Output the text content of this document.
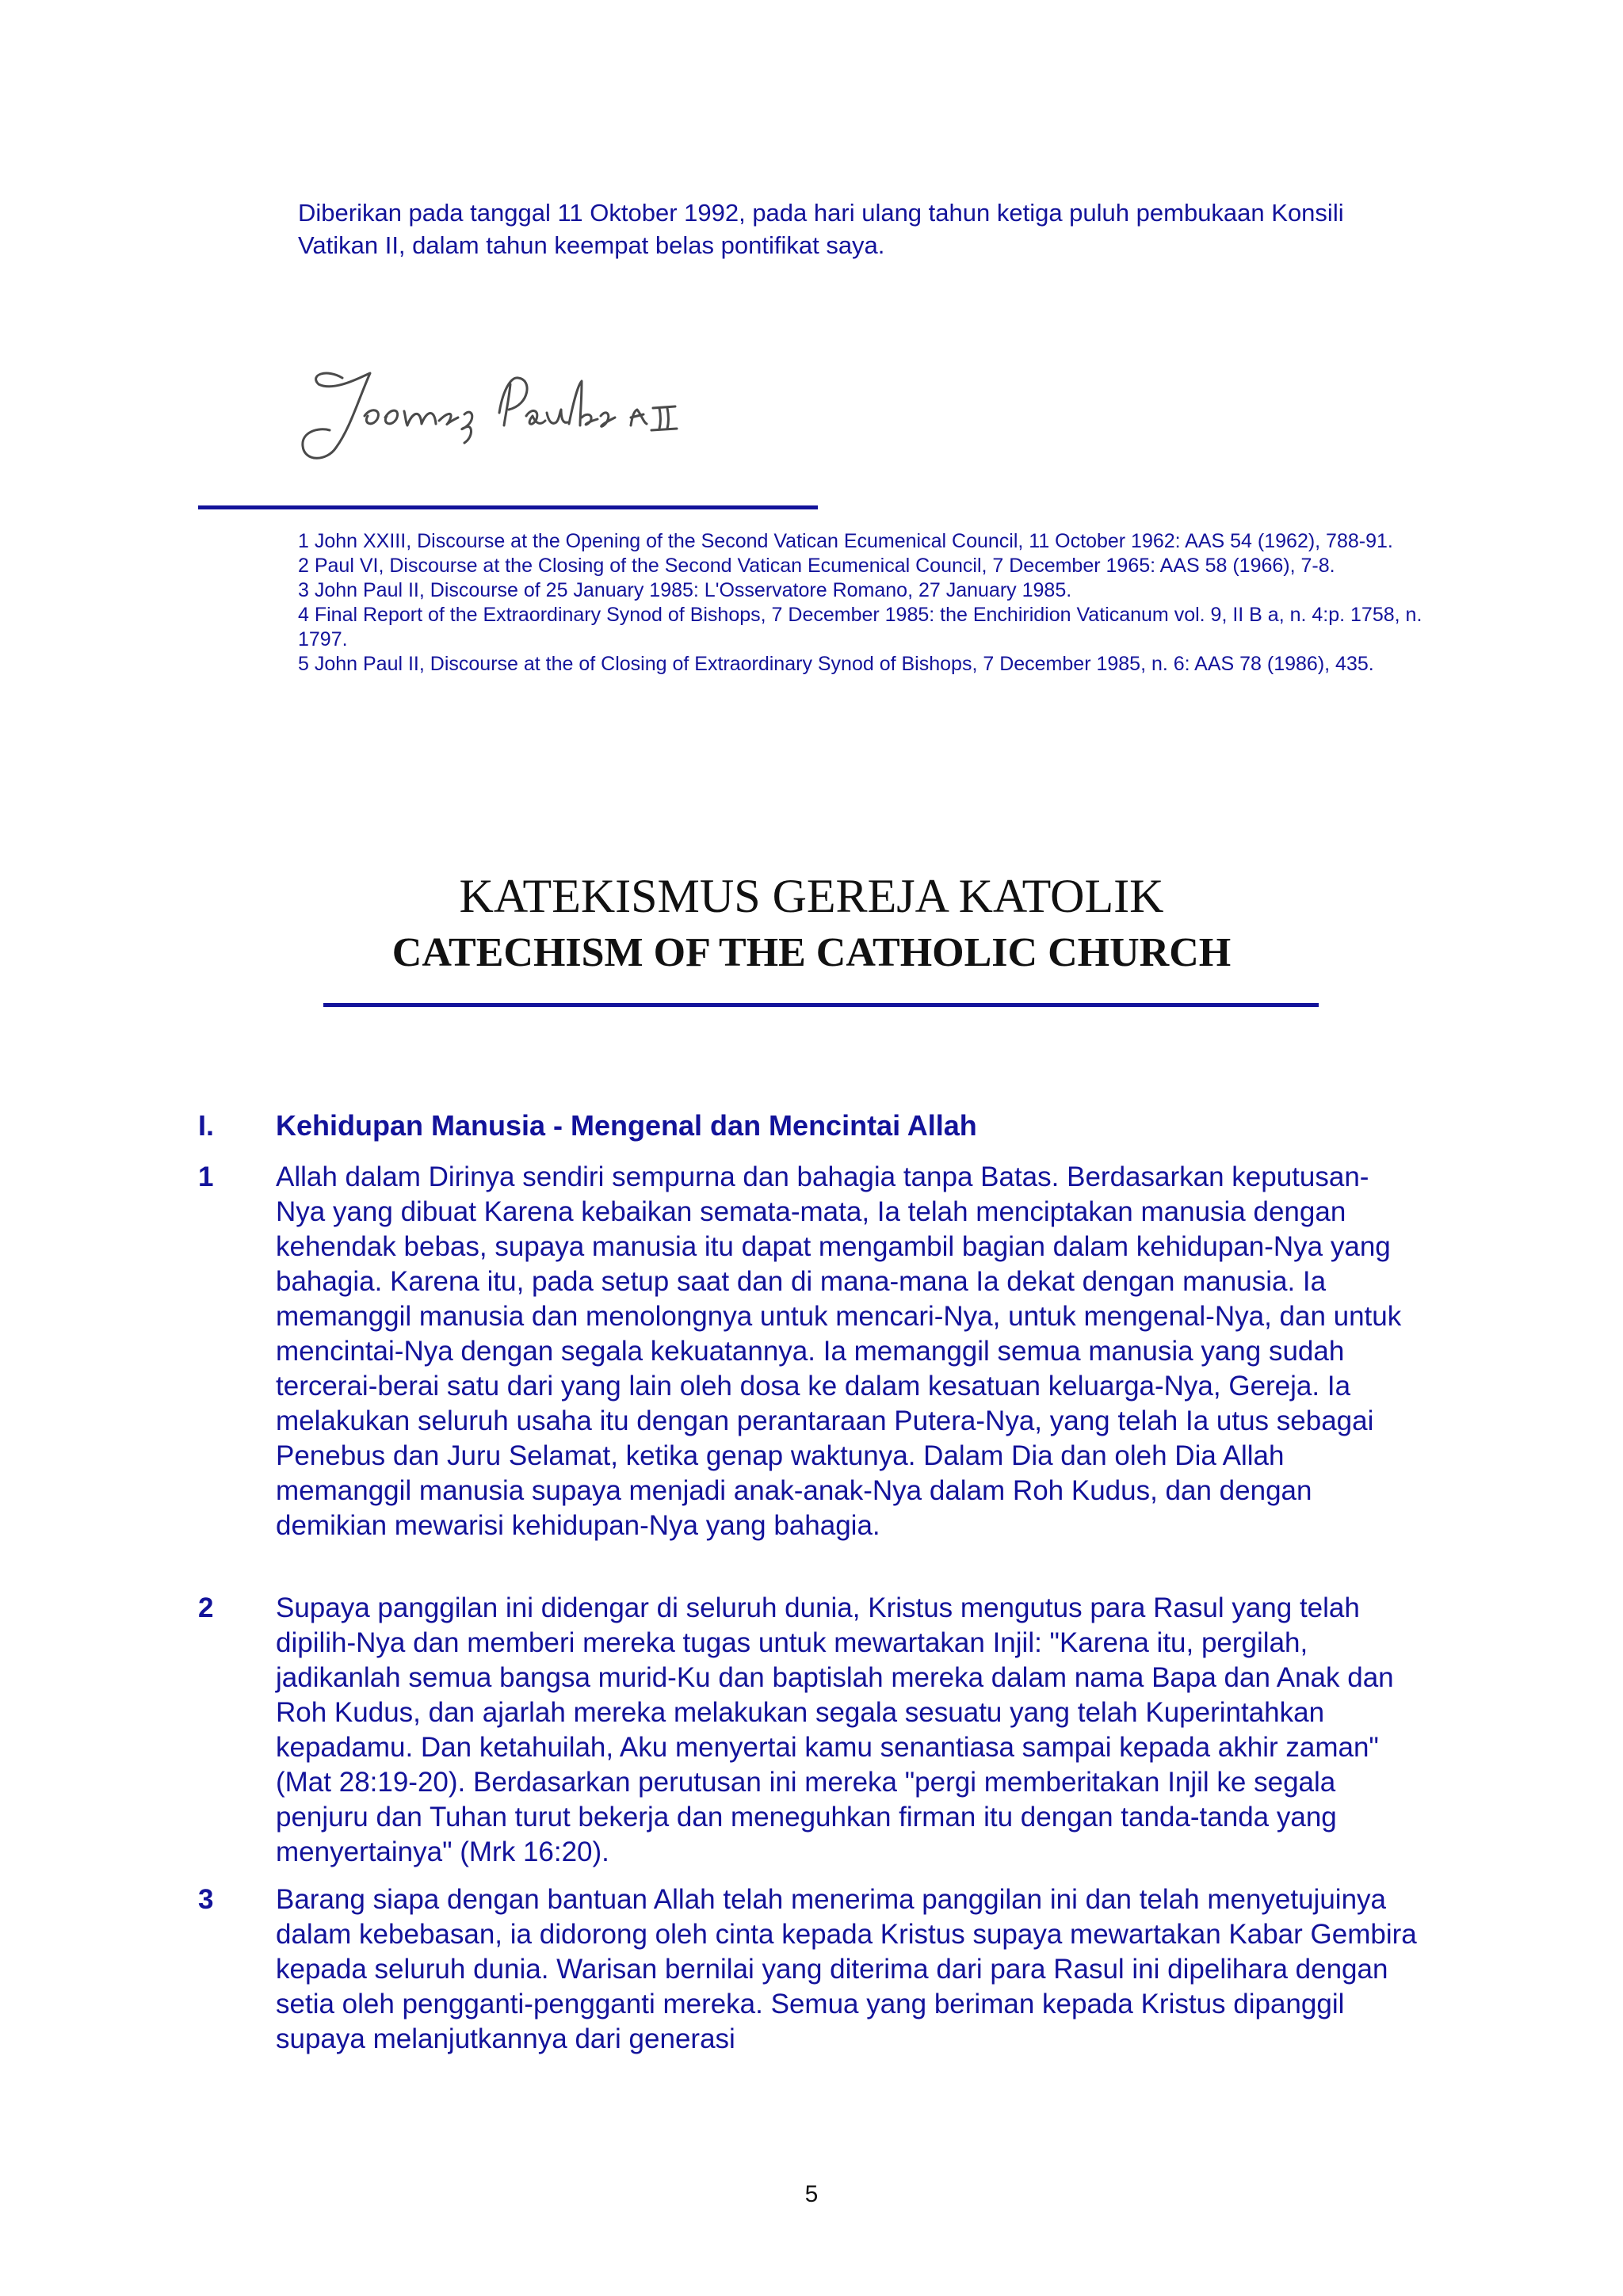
Diberikan pada tanggal 11 Oktober 1992, pada hari ulang tahun ketiga puluh pembukaan Konsili Vatikan II, dalam tahun keempat belas pontifikat saya.

1 John XXIII, Discourse at the Opening of the Second Vatican Ecumenical Council, 11 October 1962: AAS 54 (1962), 788-91.
2 Paul VI, Discourse at the Closing of the Second Vatican Ecumenical Council, 7 December 1965: AAS 58 (1966), 7-8.
3 John Paul II, Discourse of 25 January 1985: L'Osservatore Romano, 27 January 1985.
4 Final Report of the Extraordinary Synod of Bishops, 7 December 1985: the Enchiridion Vaticanum vol. 9, II B a, n. 4:p. 1758, n. 1797.
5 John Paul II, Discourse at the of Closing of Extraordinary Synod of Bishops, 7 December 1985, n. 6: AAS 78 (1986), 435.
KATEKISMUS GEREJA KATOLIK
CATECHISM OF THE CATHOLIC CHURCH
I. Kehidupan Manusia - Mengenal dan Mencintai Allah
1 Allah dalam Dirinya sendiri sempurna dan bahagia tanpa Batas. Berdasarkan keputusan-Nya yang dibuat Karena kebaikan semata-mata, Ia telah menciptakan manusia dengan kehendak bebas, supaya manusia itu dapat mengambil bagian dalam kehidupan-Nya yang bahagia. Karena itu, pada setup saat dan di mana-mana Ia dekat dengan manusia. Ia memanggil manusia dan menolongnya untuk mencari-Nya, untuk mengenal-Nya, dan untuk mencintai-Nya dengan segala kekuatannya. Ia memanggil semua manusia yang sudah tercerai-berai satu dari yang lain oleh dosa ke dalam kesatuan keluarga-Nya, Gereja. Ia melakukan seluruh usaha itu dengan perantaraan Putera-Nya, yang telah Ia utus sebagai Penebus dan Juru Selamat, ketika genap waktunya. Dalam Dia dan oleh Dia Allah memanggil manusia supaya menjadi anak-anak-Nya dalam Roh Kudus, dan dengan demikian mewarisi kehidupan-Nya yang bahagia.

2 Supaya panggilan ini didengar di seluruh dunia, Kristus mengutus para Rasul yang telah dipilih-Nya dan memberi mereka tugas untuk mewartakan Injil: "Karena itu, pergilah, jadikanlah semua bangsa murid-Ku dan baptislah mereka dalam nama Bapa dan Anak dan Roh Kudus, dan ajarlah mereka melakukan segala sesuatu yang telah Kuperintahkan kepadamu. Dan ketahuilah, Aku menyertai kamu senantiasa sampai kepada akhir zaman" (Mat 28:19-20). Berdasarkan perutusan ini mereka "pergi memberitakan Injil ke segala penjuru dan Tuhan turut bekerja dan meneguhkan firman itu dengan tanda-tanda yang menyertainya" (Mrk 16:20).

3 Barang siapa dengan bantuan Allah telah menerima panggilan ini dan telah menyetujuinya dalam kebebasan, ia didorong oleh cinta kepada Kristus supaya mewartakan Kabar Gembira kepada seluruh dunia. Warisan bernilai yang diterima dari para Rasul ini dipelihara dengan setia oleh pengganti-pengganti mereka. Semua yang beriman kepada Kristus dipanggil supaya melanjutkannya dari generasi

5
